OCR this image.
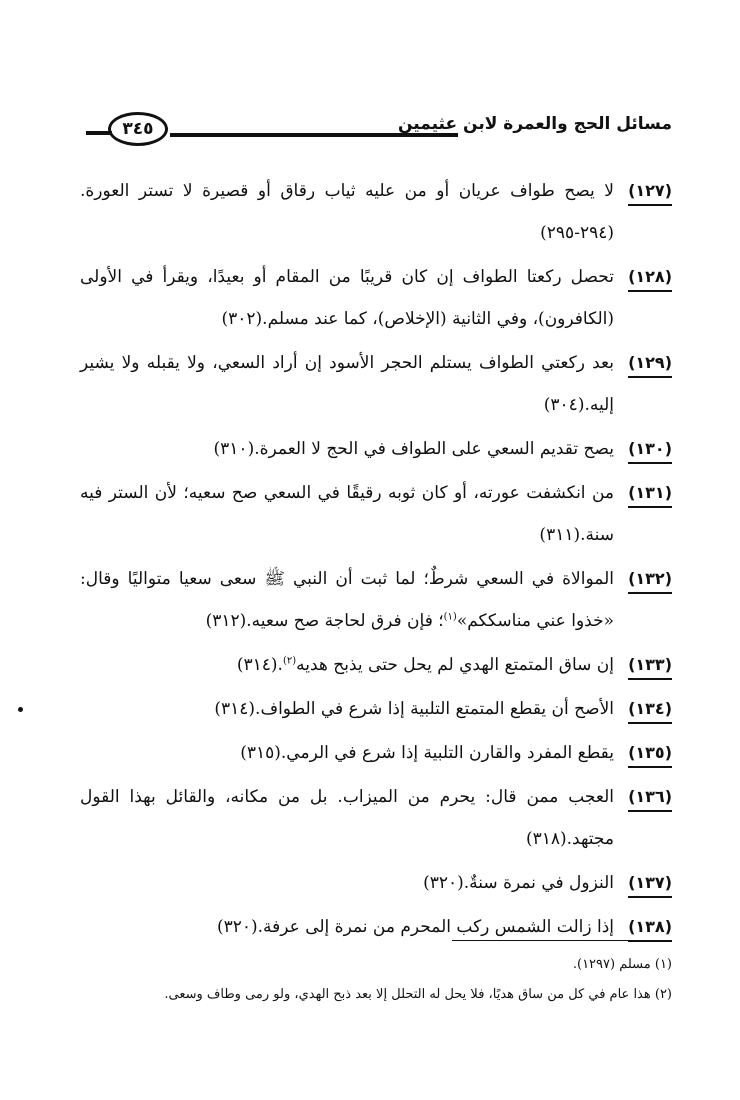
مسائل الحج والعمرة لابن عثيمين
٣٤٥
(١٢٧)
لا يصح طواف عريان أو من عليه ثياب رقاق أو قصيرة لا تستر العورة.(٢٩٤-٢٩٥)
(١٢٨)
تحصل ركعتا الطواف إن كان قريبًا من المقام أو بعيدًا، ويقرأ في الأولى (الكافرون)، وفي الثانية (الإخلاص)، كما عند مسلم.(٣٠٢)
(١٢٩)
بعد ركعتي الطواف يستلم الحجر الأسود إن أراد السعي، ولا يقبله ولا يشير إليه.(٣٠٤)
(١٣٠)
يصح تقديم السعي على الطواف في الحج لا العمرة.(٣١٠)
(١٣١)
من انكشفت عورته، أو كان ثوبه رقيقًا في السعي صح سعيه؛ لأن الستر فيه سنة.(٣١١)
(١٣٢)
الموالاة في السعي شرطٌ؛ لما ثبت أن النبي ﷺ سعى سعيا متواليًا وقال: «خذوا عني مناسككم»$^{(١)}$؛ فإن فرق لحاجة صح سعيه.(٣١٢)
(١٣٣)
إن ساق المتمتع الهدي لم يحل حتى يذبح هديه$^{(٢)}$.(٣١٤)
(١٣٤)
الأصح أن يقطع المتمتع التلبية إذا شرع في الطواف.(٣١٤)
(١٣٥)
يقطع المفرد والقارن التلبية إذا شرع في الرمي.(٣١٥)
(١٣٦)
العجب ممن قال: يحرم من الميزاب. بل من مكانه، والقائل بهذا القول مجتهد.(٣١٨)
(١٣٧)
النزول في نمرة سنةٌ.(٣٢٠)
(١٣٨)
إذا زالت الشمس ركب المحرم من نمرة إلى عرفة.(٣٢٠)
(١) مسلم (١٢٩٧).
(٢) هذا عام في كل من ساق هديًا، فلا يحل له التحلل إلا بعد ذبح الهدي، ولو رمى وطاف وسعى.
